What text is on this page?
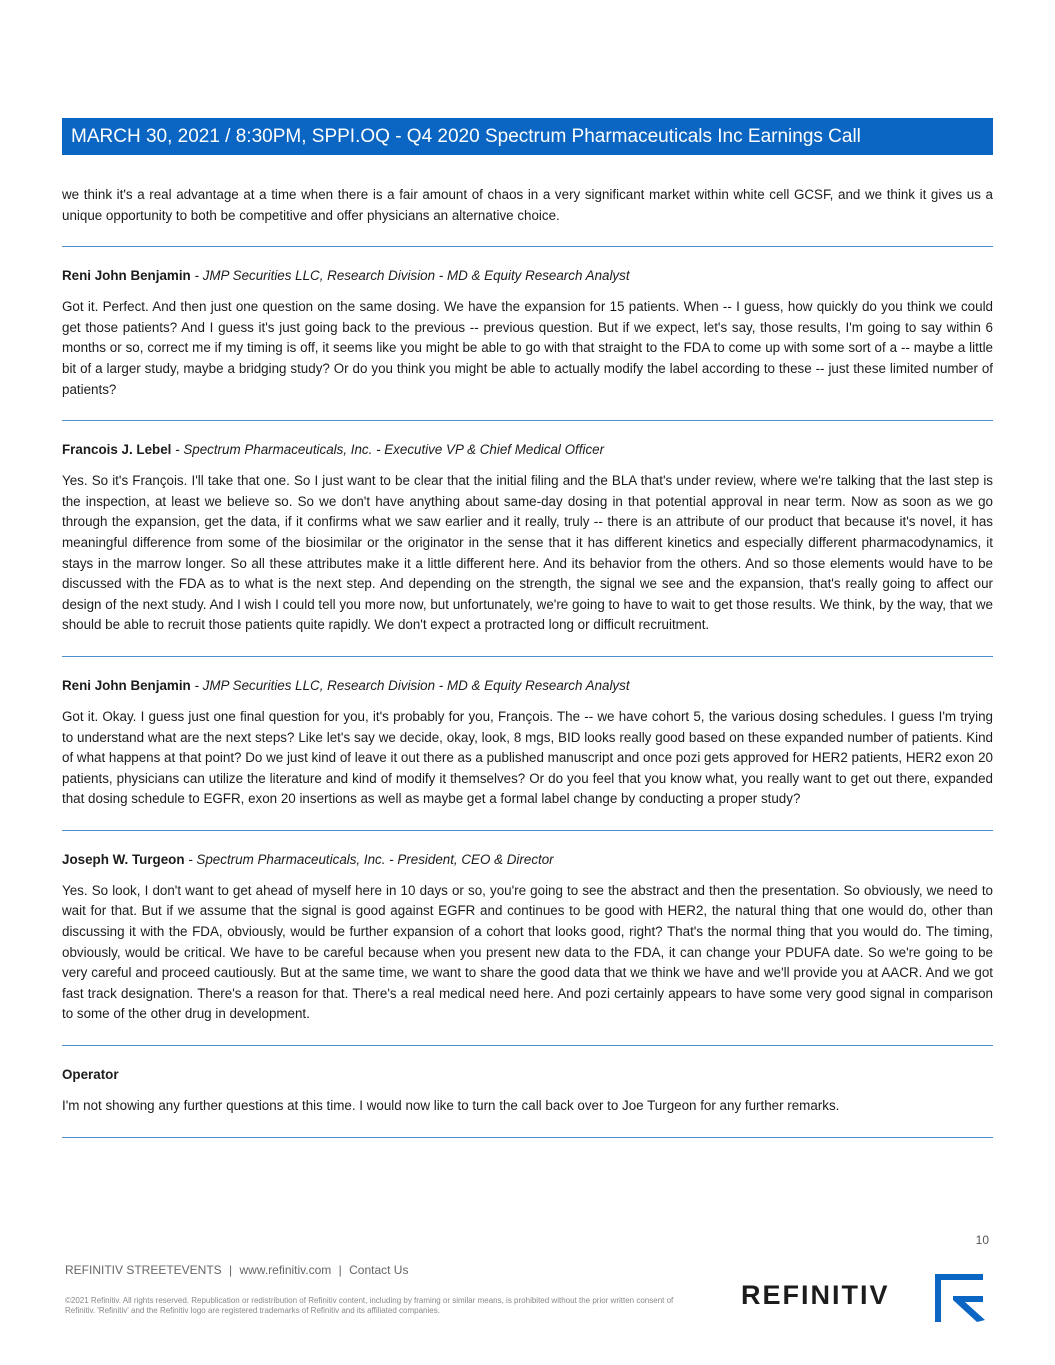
MARCH 30, 2021 / 8:30PM, SPPI.OQ - Q4 2020 Spectrum Pharmaceuticals Inc Earnings Call

we think it's a real advantage at a time when there is a fair amount of chaos in a very significant market within white cell GCSF, and we think it gives us a unique opportunity to both be competitive and offer physicians an alternative choice.

Reni John Benjamin - JMP Securities LLC, Research Division - MD & Equity Research Analyst

Got it. Perfect. And then just one question on the same dosing. We have the expansion for 15 patients. When -- I guess, how quickly do you think we could get those patients? And I guess it's just going back to the previous -- previous question. But if we expect, let's say, those results, I'm going to say within 6 months or so, correct me if my timing is off, it seems like you might be able to go with that straight to the FDA to come up with some sort of a -- maybe a little bit of a larger study, maybe a bridging study? Or do you think you might be able to actually modify the label according to these -- just these limited number of patients?

Francois J. Lebel - Spectrum Pharmaceuticals, Inc. - Executive VP & Chief Medical Officer

Yes. So it's François. I'll take that one. So I just want to be clear that the initial filing and the BLA that's under review, where we're talking that the last step is the inspection, at least we believe so. So we don't have anything about same-day dosing in that potential approval in near term. Now as soon as we go through the expansion, get the data, if it confirms what we saw earlier and it really, truly -- there is an attribute of our product that because it's novel, it has meaningful difference from some of the biosimilar or the originator in the sense that it has different kinetics and especially different pharmacodynamics, it stays in the marrow longer. So all these attributes make it a little different here. And its behavior from the others. And so those elements would have to be discussed with the FDA as to what is the next step. And depending on the strength, the signal we see and the expansion, that's really going to affect our design of the next study. And I wish I could tell you more now, but unfortunately, we're going to have to wait to get those results. We think, by the way, that we should be able to recruit those patients quite rapidly. We don't expect a protracted long or difficult recruitment.

Reni John Benjamin - JMP Securities LLC, Research Division - MD & Equity Research Analyst

Got it. Okay. I guess just one final question for you, it's probably for you, François. The -- we have cohort 5, the various dosing schedules. I guess I'm trying to understand what are the next steps? Like let's say we decide, okay, look, 8 mgs, BID looks really good based on these expanded number of patients. Kind of what happens at that point? Do we just kind of leave it out there as a published manuscript and once pozi gets approved for HER2 patients, HER2 exon 20 patients, physicians can utilize the literature and kind of modify it themselves? Or do you feel that you know what, you really want to get out there, expanded that dosing schedule to EGFR, exon 20 insertions as well as maybe get a formal label change by conducting a proper study?

Joseph W. Turgeon - Spectrum Pharmaceuticals, Inc. - President, CEO & Director

Yes. So look, I don't want to get ahead of myself here in 10 days or so, you're going to see the abstract and then the presentation. So obviously, we need to wait for that. But if we assume that the signal is good against EGFR and continues to be good with HER2, the natural thing that one would do, other than discussing it with the FDA, obviously, would be further expansion of a cohort that looks good, right? That's the normal thing that you would do. The timing, obviously, would be critical. We have to be careful because when you present new data to the FDA, it can change your PDUFA date. So we're going to be very careful and proceed cautiously. But at the same time, we want to share the good data that we think we have and we'll provide you at AACR. And we got fast track designation. There's a reason for that. There's a real medical need here. And pozi certainly appears to have some very good signal in comparison to some of the other drug in development.

Operator

I'm not showing any further questions at this time. I would now like to turn the call back over to Joe Turgeon for any further remarks.

10
REFINITIV STREETEVENTS | www.refinitiv.com | Contact Us
©2021 Refinitiv. All rights reserved. Republication or redistribution of Refinitiv content, including by framing or similar means, is prohibited without the prior written consent of Refinitiv. 'Refinitiv' and the Refinitiv logo are registered trademarks of Refinitiv and its affiliated companies.
REFINITIV
